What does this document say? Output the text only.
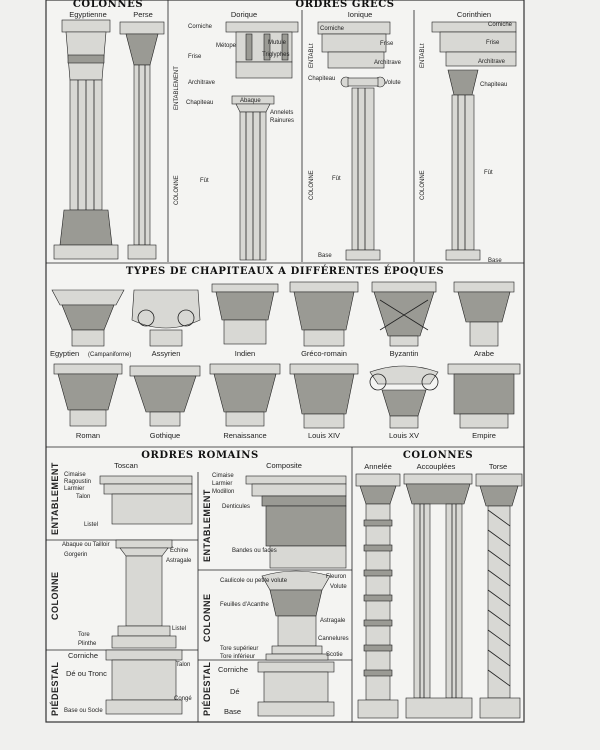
COLONNES
Egyptienne	Perse
ORDRES GRECS
Dorique
ENTABLEMENT
COLONNE
Corniche
Métope	Mutule
Frise	Triglyphes
Architrave
Chapiteau	Abaque
Annelets
Rainures
Fût
Ionique
ENTABLt
COLONNE
Corniche
Frise
Architrave
Chapiteau
Volute
Fût
Base
Corinthien
ENTABLt
COLONNE
Corniche
Frise
Architrave
Chapiteau
Fût
Base
TYPES DE CHAPITEAUX A DIFFÉRENTES ÉPOQUES
Egyptien (Campaniforme)	Assyrien	Indien	Gréco-romain	Byzantin	Arabe
Roman	Gothique	Renaissance	Louis XIV	Louis XV	Empire
ORDRES ROMAINS
Toscan	Composite
ENTABLEMENT
COLONNE
PIÉDESTAL
Cimaise
Ragoustin
Larmier
Talon
Listel
Abaque ou Tailloir
Échine
Gorgerin
Astragale
Listel
Tore
Plinthe
Corniche
Talon
Dé ou Tronc
Congé
Base ou Socle
ENTABLEMENT
COLONNE
PIÉDESTAL
Cimaise
Larmier
Modillon
Denticules
Bandes ou faces
Caulicole ou petite volute
Fleuron
Volute
Feuilles d'Acanthe
Astragale
Cannelures
Tore supérieur
Tore inférieur	Scotie
Corniche
Dé
Base
COLONNES
Annelée	Accouplées	Torse
